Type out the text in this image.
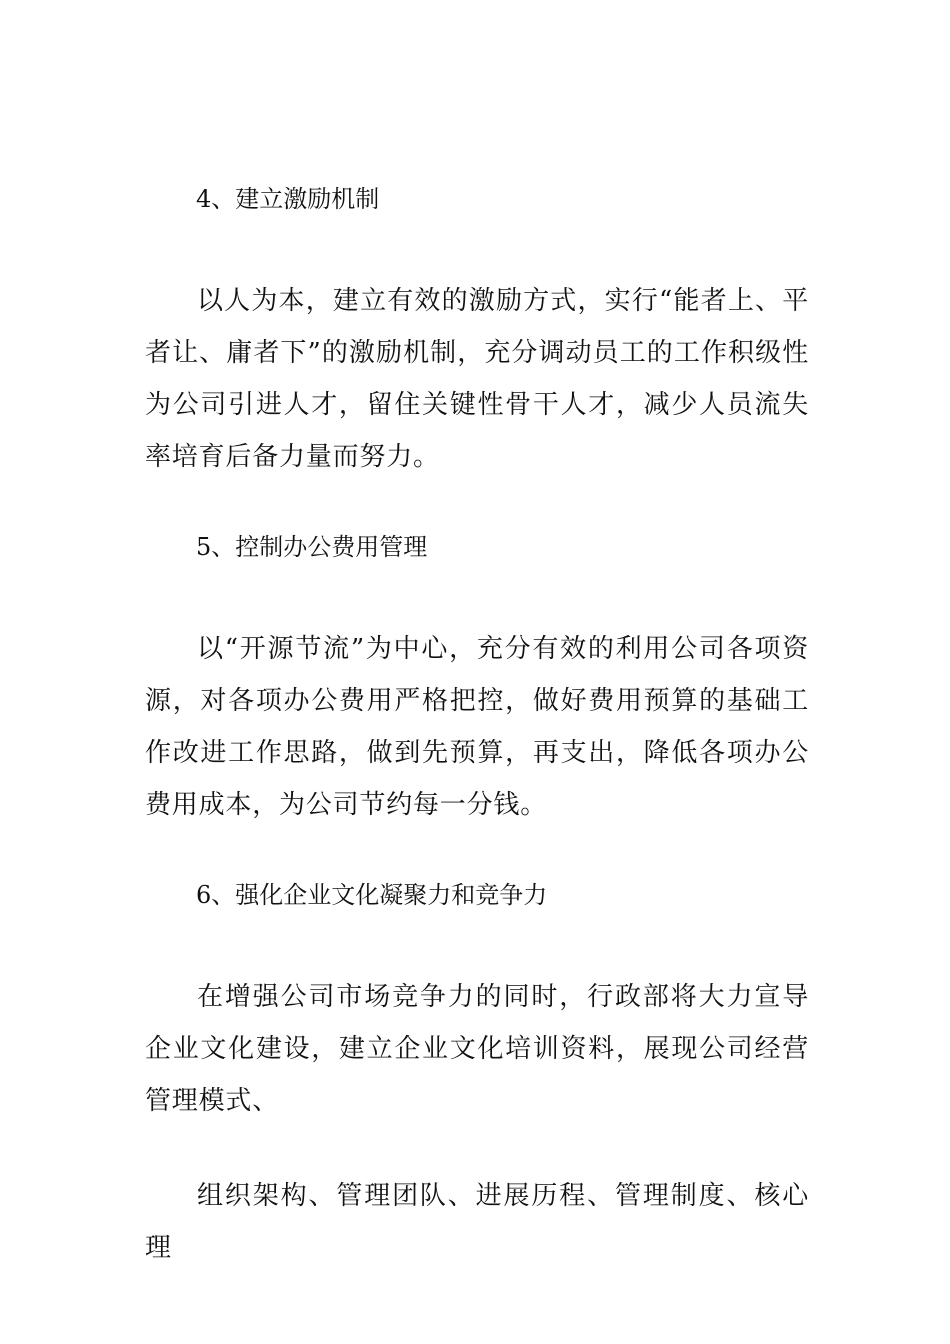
4、建立激励机制

以人为本，建立有效的激励方式，实行“能者上、平者让、庸者下”的激励机制，充分调动员工的工作积级性为公司引进人才，留住关键性骨干人才，减少人员流失率培育后备力量而努力。

5、控制办公费用管理

以“开源节流”为中心，充分有效的利用公司各项资源，对各项办公费用严格把控，做好费用预算的基础工作改进工作思路，做到先预算，再支出，降低各项办公费用成本，为公司节约每一分钱。

6、强化企业文化凝聚力和竞争力

在增强公司市场竞争力的同时，行政部将大力宣导企业文化建设，建立企业文化培训资料，展现公司经营管理模式、

组织架构、管理团队、进展历程、管理制度、核心理
